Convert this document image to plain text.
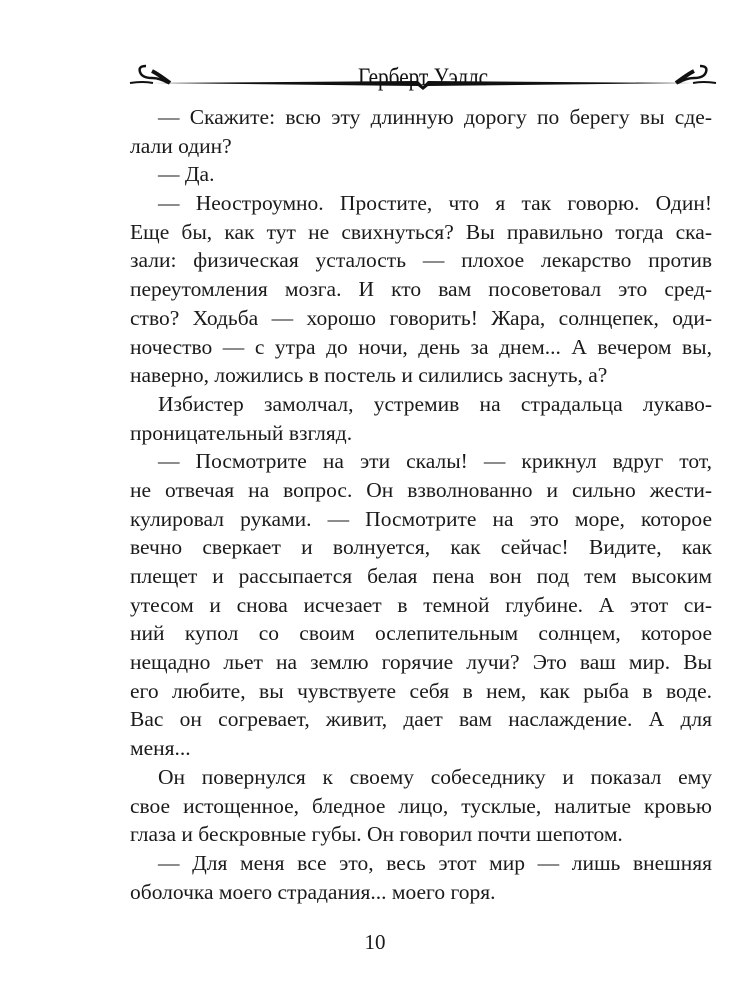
Герберт Уэллс
— Скажите: всю эту длинную дорогу по берегу вы сде-
лали один?
— Да.
— Неостроумно. Простите, что я так говорю. Один!
Еще бы, как тут не свихнуться? Вы правильно тогда ска-
зали: физическая усталость — плохое лекарство против
переутомления мозга. И кто вам посоветовал это сред-
ство? Ходьба — хорошо говорить! Жара, солнцепек, оди-
ночество — с утра до ночи, день за днем... А вечером вы,
наверно, ложились в постель и силились заснуть, а?
Избистер замолчал, устремив на страдальца лукаво-
проницательный взгляд.
— Посмотрите на эти скалы! — крикнул вдруг тот,
не отвечая на вопрос. Он взволнованно и сильно жести-
кулировал руками. — Посмотрите на это море, которое
вечно сверкает и волнуется, как сейчас! Видите, как
плещет и рассыпается белая пена вон под тем высоким
утесом и снова исчезает в темной глубине. А этот си-
ний купол со своим ослепительным солнцем, которое
нещадно льет на землю горячие лучи? Это ваш мир. Вы
его любите, вы чувствуете себя в нем, как рыба в воде.
Вас он согревает, живит, дает вам наслаждение. А для
меня...
Он повернулся к своему собеседнику и показал ему
свое истощенное, бледное лицо, тусклые, налитые кровью
глаза и бескровные губы. Он говорил почти шепотом.
— Для меня все это, весь этот мир — лишь внешняя
оболочка моего страдания... моего горя.
10
